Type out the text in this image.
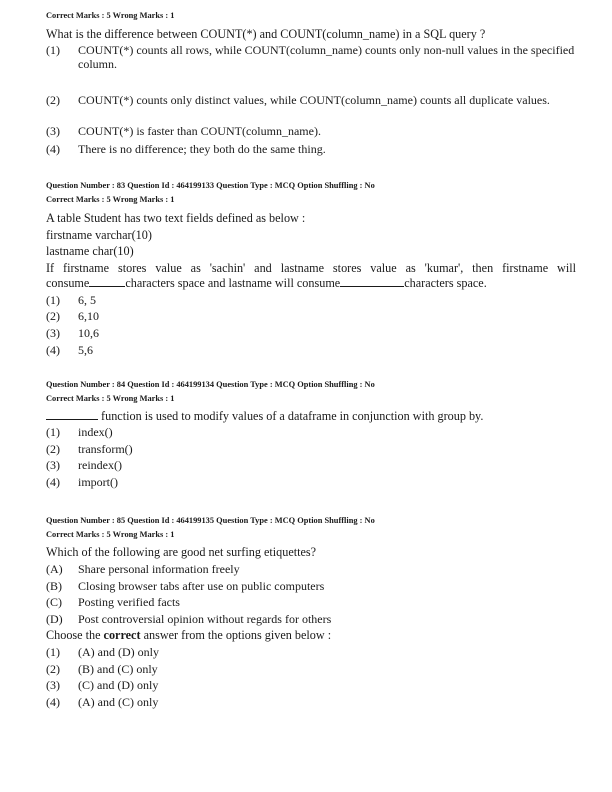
Correct Marks : 5 Wrong Marks : 1
What is the difference between COUNT(*) and COUNT(column_name) in a SQL query ?
(1) COUNT(*) counts all rows, while COUNT(column_name) counts only non-null values in the specified column.
(2) COUNT(*) counts only distinct values, while COUNT(column_name) counts all duplicate values.
(3) COUNT(*) is faster than COUNT(column_name).
(4) There is no difference; they both do the same thing.
Question Number : 83 Question Id : 464199133 Question Type : MCQ Option Shuffling : No
Correct Marks : 5 Wrong Marks : 1
A table Student has two text fields defined as below :
firstname varchar(10)
lastname char(10)
If firstname stores value as 'sachin' and lastname stores value as 'kumar', then firstname will
consume	characters space and lastname will consume	characters space.
(1) 6, 5
(2) 6,10
(3) 10,6
(4) 5,6
Question Number : 84 Question Id : 464199134 Question Type : MCQ Option Shuffling : No
Correct Marks : 5 Wrong Marks : 1
function is used to modify values of a dataframe in conjunction with group by.
(1) index()
(2) transform()
(3) reindex()
(4) import()
Question Number : 85 Question Id : 464199135 Question Type : MCQ Option Shuffling : No
Correct Marks : 5 Wrong Marks : 1
Which of the following are good net surfing etiquettes?
(A) Share personal information freely
(B) Closing browser tabs after use on public computers
(C) Posting verified facts
(D) Post controversial opinion without regards for others
Choose the correct answer from the options given below :
(1) (A) and (D) only
(2) (B) and (C) only
(3) (C) and (D) only
(4) (A) and (C) only
